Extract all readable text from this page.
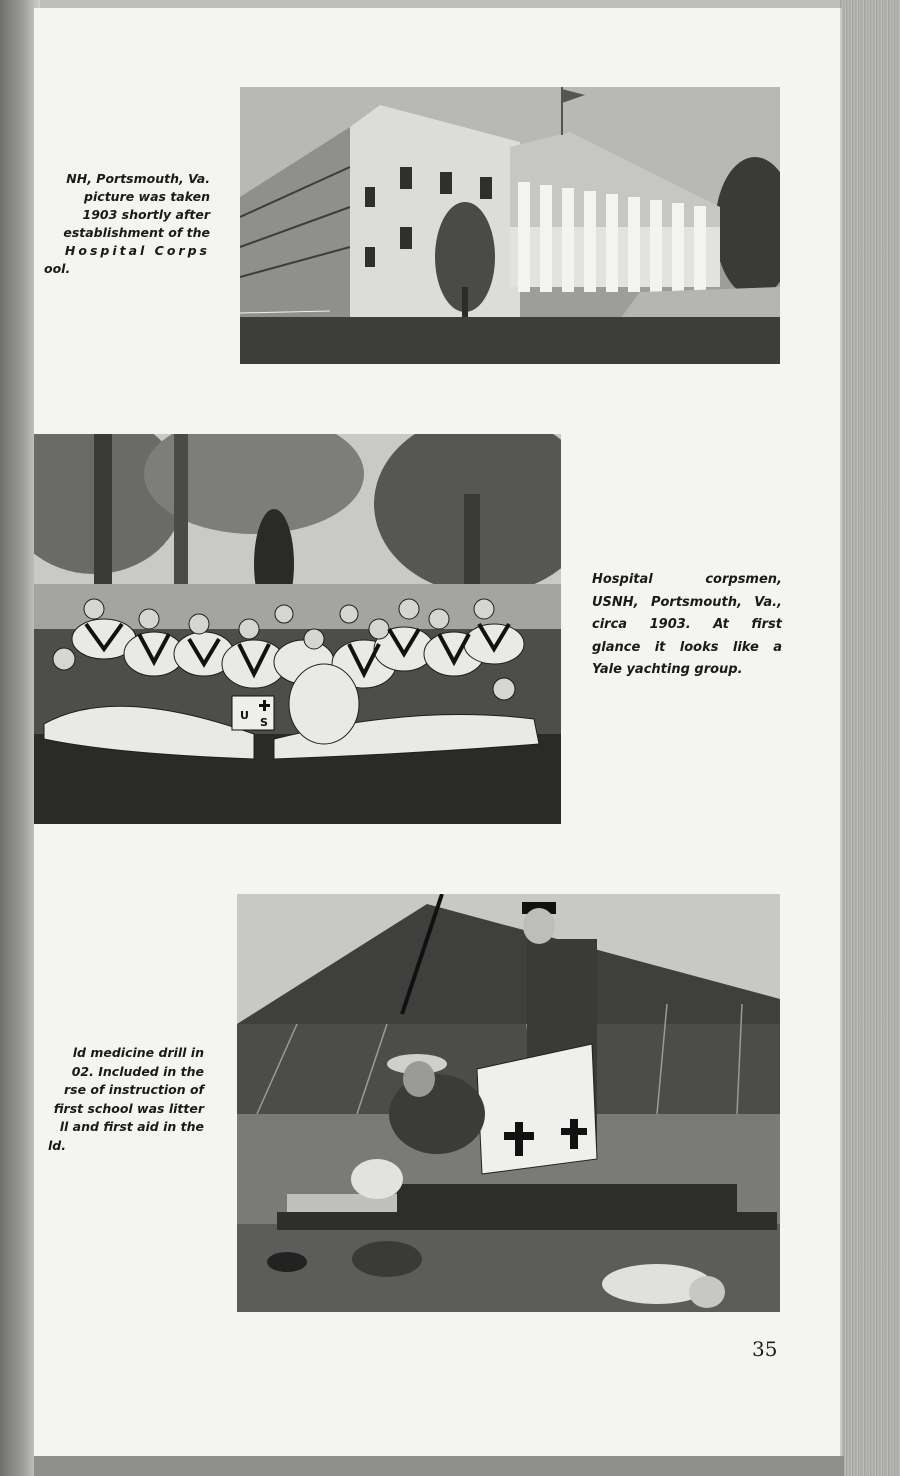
NH, Portsmouth, Va.

picture was taken

1903 shortly after

establishment of the

Hospital Corps

ool.

U
S

Hospital corpsmen,

USNH, Portsmouth, Va.,

circa 1903. At first

glance it looks like a

Yale yachting group.

ld medicine drill in

02. Included in the

rse of instruction of

first school was litter

ll and first aid in the

ld.

35
